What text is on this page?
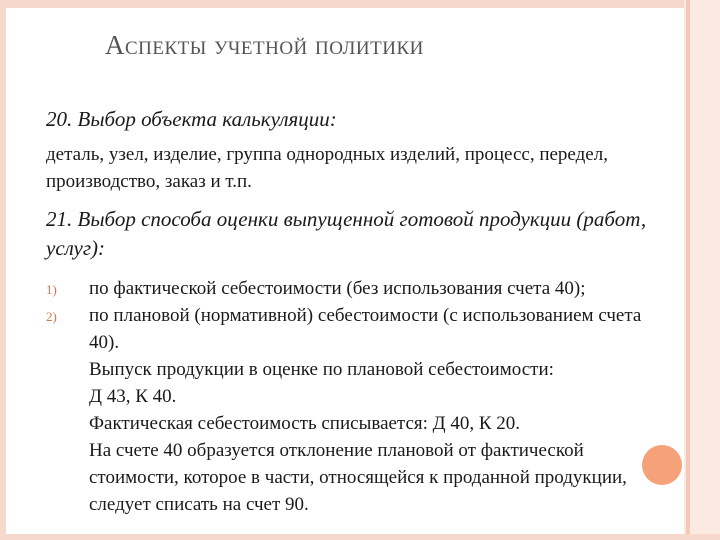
Аспекты учетной политики
20. Выбор объекта калькуляции:
деталь, узел, изделие, группа однородных изделий, процесс, передел, производство, заказ и т.п.
21. Выбор способа оценки выпущенной готовой продукции (работ, услуг):
1) по фактической себестоимости (без использования счета 40);
2) по плановой (нормативной) себестоимости (с использованием счета 40).
Выпуск продукции в оценке по плановой себестоимости:
Д 43, К 40.
Фактическая себестоимость списывается: Д 40, К 20.
На счете 40 образуется отклонение плановой от фактической стоимости, которое в части, относящейся к проданной продукции, следует списать на счет 90.
